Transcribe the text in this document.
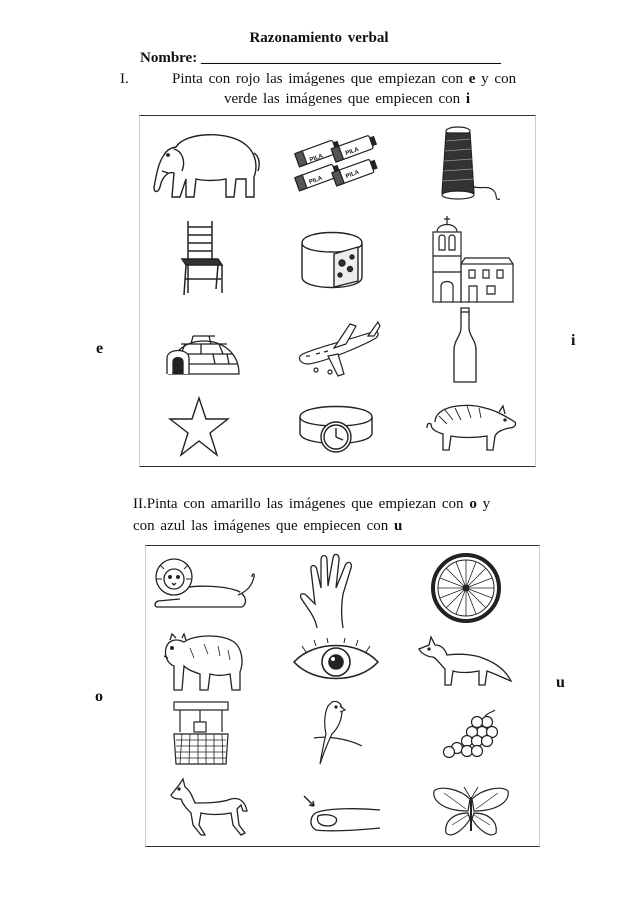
Razonamiento verbal
Nombre: ________________________________________
I.	Pinta con rojo las imágenes que empiezan con e y con
verde las imágenes que empiecen con i
e	i
PILA
PILA
PILA
PILA
II.Pinta con amarillo las imágenes que empiezan con o y
con azul las imágenes que empiecen con u
o
u
